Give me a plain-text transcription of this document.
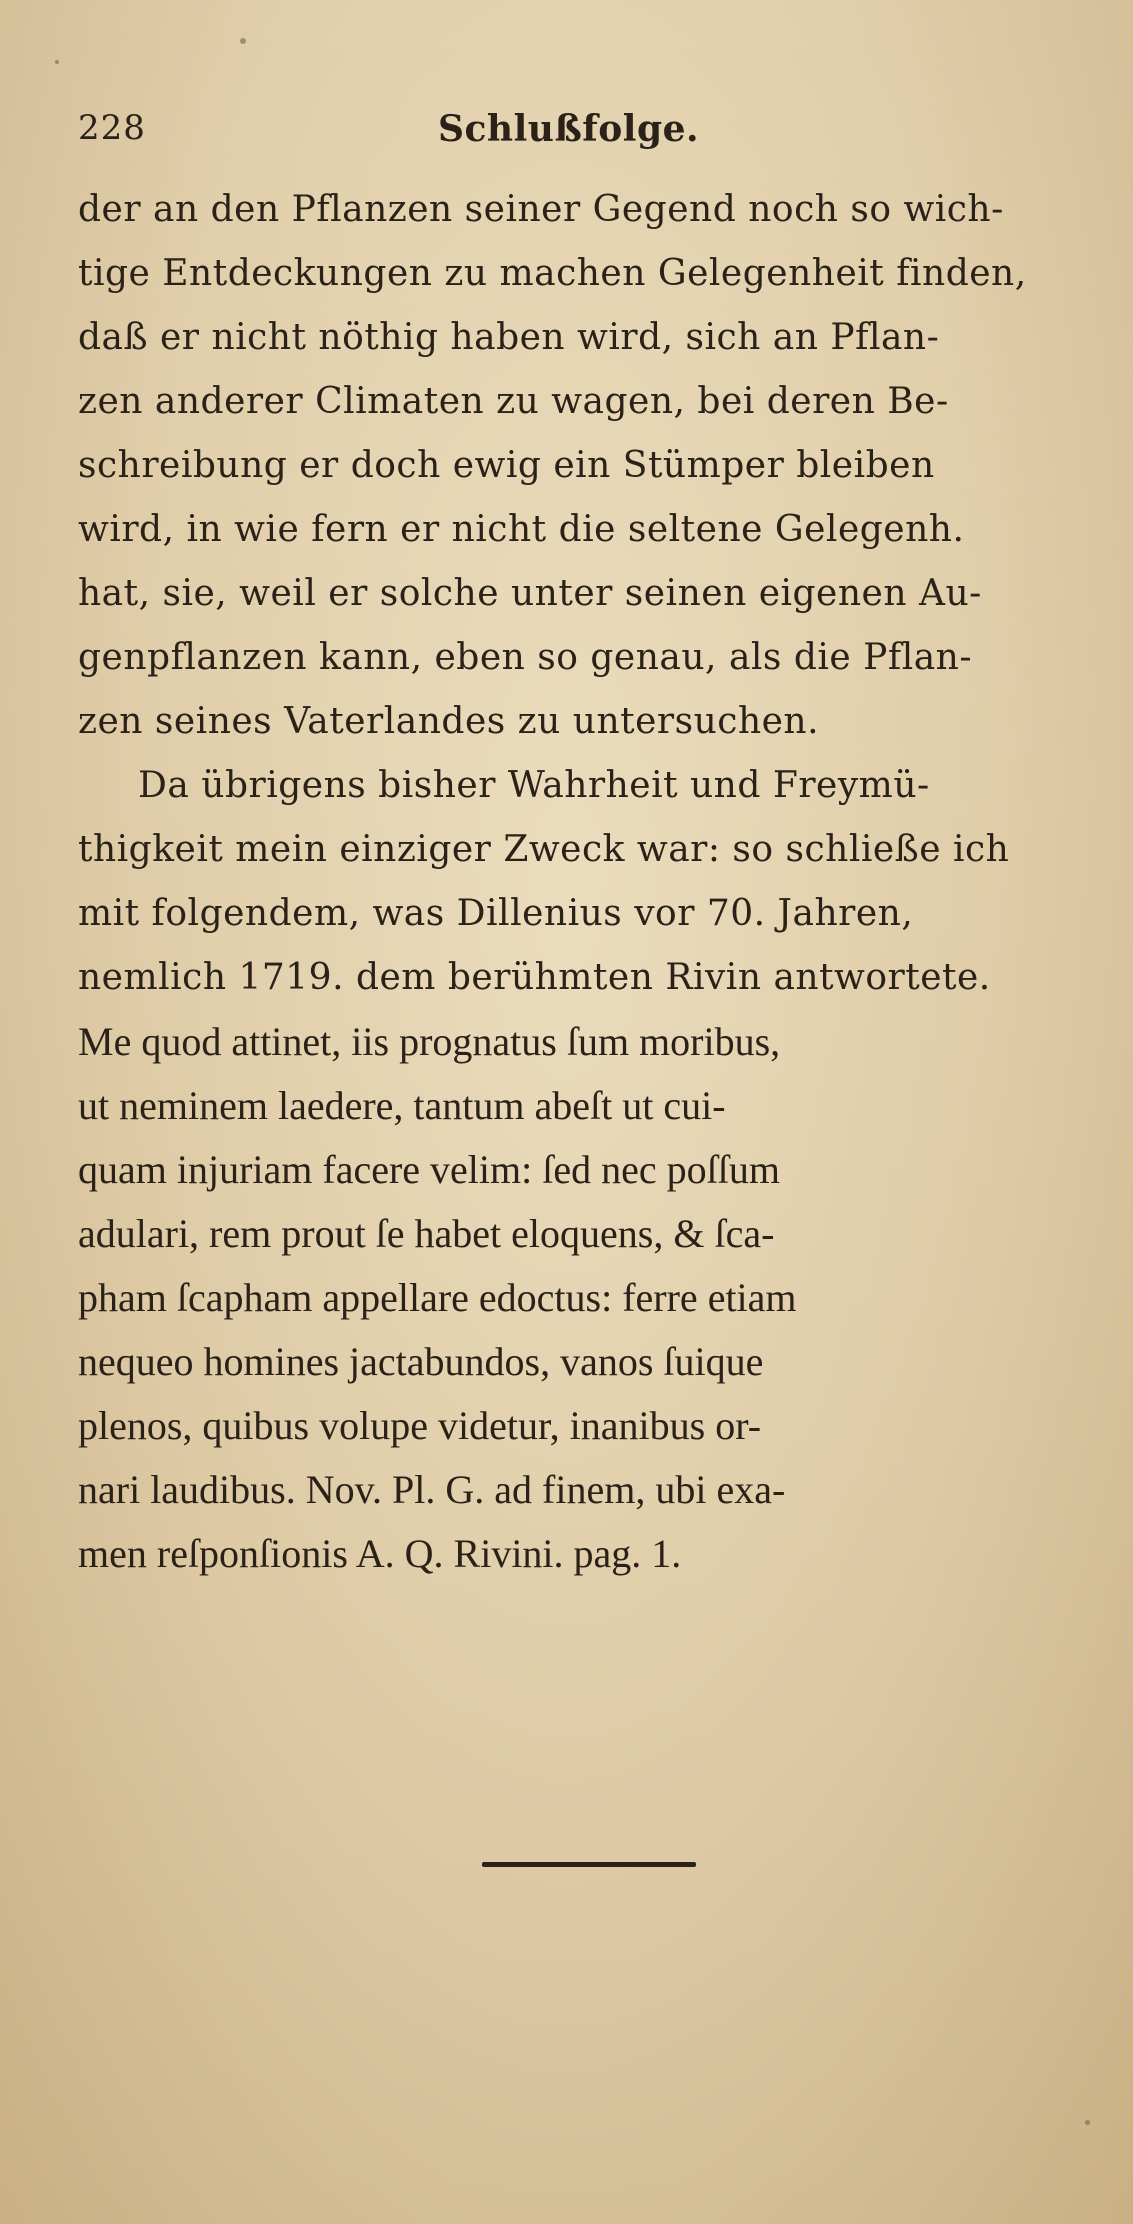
228	Schlußfolge.
der an den Pflanzen seiner Gegend noch so wich-
tige Entdeckungen zu machen Gelegenheit finden,
daß er nicht nöthig haben wird, sich an Pflan-
zen anderer Climaten zu wagen, bei deren Be-
schreibung er doch ewig ein Stümper bleiben
wird, in wie fern er nicht die seltene Gelegenh.
hat, sie, weil er solche unter seinen eigenen Au-
genpflanzen kann, eben so genau, als die Pflan-
zen seines Vaterlandes zu untersuchen.
Da übrigens bisher Wahrheit und Freymü-
thigkeit mein einziger Zweck war: so schließe ich
mit folgendem, was Dillenius vor 70. Jahren,
nemlich 1719. dem berühmten Rivin antwortete.
Me quod attinet, iis prognatus ſum moribus,
ut neminem laedere, tantum abeſt ut cui-
quam injuriam facere velim: ſed nec poſſum
adulari, rem prout ſe habet eloquens, & ſca-
pham ſcapham appellare edoctus: ferre etiam
nequeo homines jactabundos, vanos ſuique
plenos, quibus volupe videtur, inanibus or-
nari laudibus. Nov. Pl. G. ad finem, ubi exa-
men reſponſionis A. Q. Rivini. pag. 1.
